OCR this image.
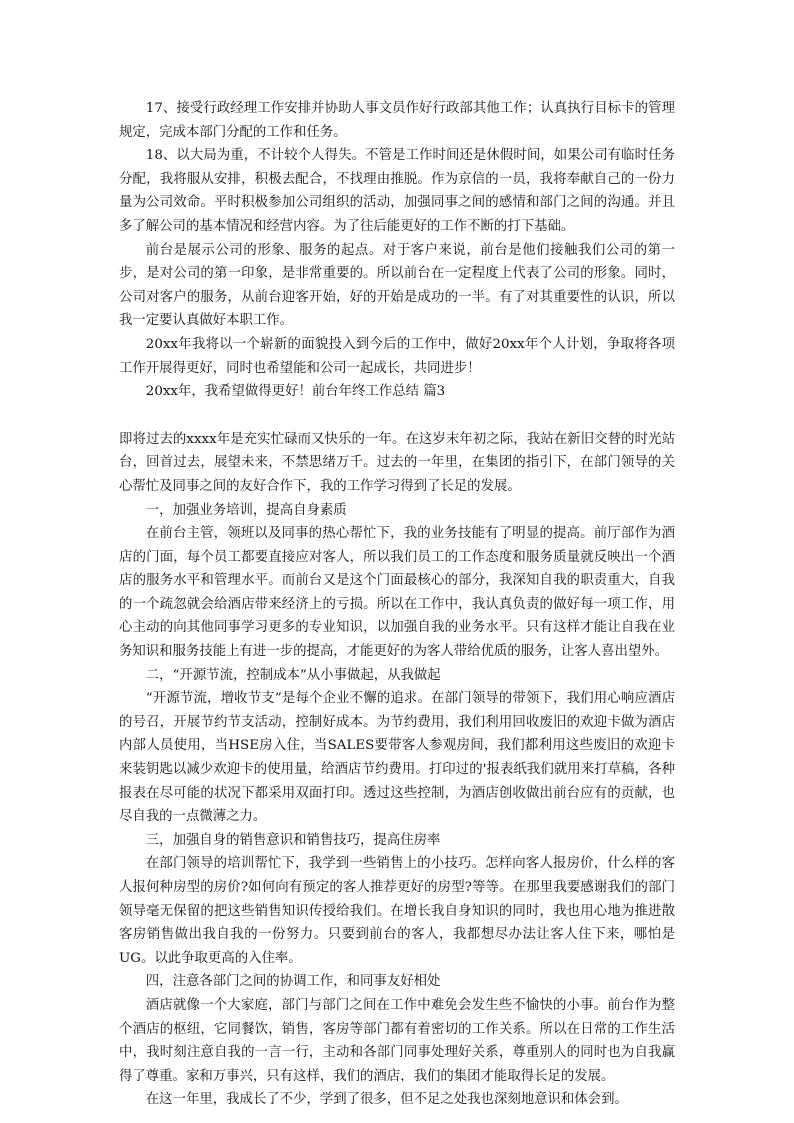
17、接受行政经理工作安排并协助人事文员作好行政部其他工作；认真执行目标卡的管理规定，完成本部门分配的工作和任务。

18、以大局为重，不计较个人得失。不管是工作时间还是休假时间，如果公司有临时任务分配，我将服从安排，积极去配合，不找理由推脱。作为京信的一员，我将奉献自己的一份力量为公司效命。平时积极参加公司组织的活动，加强同事之间的感情和部门之间的沟通。并且多了解公司的基本情况和经营内容。为了往后能更好的工作不断的打下基础。

前台是展示公司的形象、服务的起点。对于客户来说，前台是他们接触我们公司的第一步，是对公司的第一印象，是非常重要的。所以前台在一定程度上代表了公司的形象。同时，公司对客户的服务，从前台迎客开始，好的开始是成功的一半。有了对其重要性的认识，所以我一定要认真做好本职工作。

20xx年我将以一个崭新的面貌投入到今后的工作中，做好20xx年个人计划，争取将各项工作开展得更好，同时也希望能和公司一起成长，共同进步！

20xx年，我希望做得更好！前台年终工作总结 篇3

即将过去的xxxx年是充实忙碌而又快乐的一年。在这岁末年初之际，我站在新旧交替的时光站台，回首过去，展望未来，不禁思绪万千。过去的一年里，在集团的指引下，在部门领导的关心帮忙及同事之间的友好合作下，我的工作学习得到了长足的发展。

一，加强业务培训，提高自身素质

在前台主管，领班以及同事的热心帮忙下，我的业务技能有了明显的提高。前厅部作为酒店的门面，每个员工都要直接应对客人，所以我们员工的工作态度和服务质量就反映出一个酒店的服务水平和管理水平。而前台又是这个门面最核心的部分，我深知自我的职责重大，自我的一个疏忽就会给酒店带来经济上的亏损。所以在工作中，我认真负责的做好每一项工作，用心主动的向其他同事学习更多的专业知识，以加强自我的业务水平。只有这样才能让自我在业务知识和服务技能上有进一步的提高，才能更好的为客人带给优质的服务，让客人喜出望外。

二，“开源节流，控制成本”从小事做起，从我做起

“开源节流，增收节支”是每个企业不懈的追求。在部门领导的带领下，我们用心响应酒店的号召，开展节约节支活动，控制好成本。为节约费用，我们利用回收废旧的欢迎卡做为酒店内部人员使用，当HSE房入住，当SALES要带客人参观房间，我们都利用这些废旧的欢迎卡来装钥匙以减少欢迎卡的使用量，给酒店节约费用。打印过的'报表纸我们就用来打草稿，各种报表在尽可能的状况下都采用双面打印。透过这些控制，为酒店创收做出前台应有的贡献，也尽自我的一点微薄之力。

三，加强自身的销售意识和销售技巧，提高住房率

在部门领导的培训帮忙下，我学到一些销售上的小技巧。怎样向客人报房价，什么样的客人报何种房型的房价?如何向有预定的客人推荐更好的房型?等等。在那里我要感谢我们的部门领导毫无保留的把这些销售知识传授给我们。在增长我自身知识的同时，我也用心地为推进散客房销售做出我自我的一份努力。只要到前台的客人，我都想尽办法让客人住下来，哪怕是UG。以此争取更高的入住率。

四，注意各部门之间的协调工作，和同事友好相处

酒店就像一个大家庭，部门与部门之间在工作中难免会发生些不愉快的小事。前台作为整个酒店的枢纽，它同餐饮，销售，客房等部门都有着密切的工作关系。所以在日常的工作生活中，我时刻注意自我的一言一行，主动和各部门同事处理好关系，尊重别人的同时也为自我赢得了尊重。家和万事兴，只有这样，我们的酒店，我们的集团才能取得长足的发展。

在这一年里，我成长了不少，学到了很多，但不足之处我也深刻地意识和体会到。
